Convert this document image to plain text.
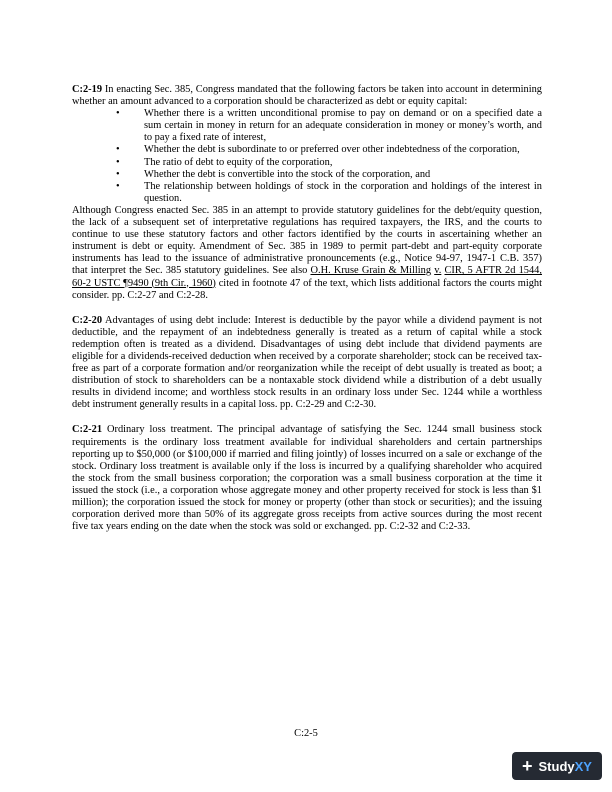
C:2-19 In enacting Sec. 385, Congress mandated that the following factors be taken into account in determining whether an amount advanced to a corporation should be characterized as debt or equity capital:

• Whether there is a written unconditional promise to pay on demand or on a specified date a sum certain in money in return for an adequate consideration in money or money’s worth, and to pay a fixed rate of interest,
• Whether the debt is subordinate to or preferred over other indebtedness of the corporation,
• The ratio of debt to equity of the corporation,
• Whether the debt is convertible into the stock of the corporation, and
• The relationship between holdings of stock in the corporation and holdings of the interest in question.

Although Congress enacted Sec. 385 in an attempt to provide statutory guidelines for the debt/equity question, the lack of a subsequent set of interpretative regulations has required taxpayers, the IRS, and the courts to continue to use these statutory factors and other factors identified by the courts in ascertaining whether an instrument is debt or equity. Amendment of Sec. 385 in 1989 to permit part-debt and part-equity corporate instruments has lead to the issuance of administrative pronouncements (e.g., Notice 94-97, 1947-1 C.B. 357) that interpret the Sec. 385 statutory guidelines. See also O.H. Kruse Grain & Milling v. CIR, 5 AFTR 2d 1544, 60-2 USTC ¶9490 (9th Cir., 1960) cited in footnote 47 of the text, which lists additional factors the courts might consider. pp. C:2-27 and C:2-28.

C:2-20 Advantages of using debt include: Interest is deductible by the payor while a dividend payment is not deductible, and the repayment of an indebtedness generally is treated as a return of capital while a stock redemption often is treated as a dividend. Disadvantages of using debt include that dividend payments are eligible for a dividends-received deduction when received by a corporate shareholder; stock can be received tax-free as part of a corporate formation and/or reorganization while the receipt of debt usually is treated as boot; a distribution of stock to shareholders can be a nontaxable stock dividend while a distribution of a debt usually results in dividend income; and worthless stock results in an ordinary loss under Sec. 1244 while a worthless debt instrument generally results in a capital loss. pp. C:2-29 and C:2-30.

C:2-21 Ordinary loss treatment. The principal advantage of satisfying the Sec. 1244 small business stock requirements is the ordinary loss treatment available for individual shareholders and certain partnerships reporting up to $50,000 (or $100,000 if married and filing jointly) of losses incurred on a sale or exchange of the stock. Ordinary loss treatment is available only if the loss is incurred by a qualifying shareholder who acquired the stock from the small business corporation; the corporation was a small business corporation at the time it issued the stock (i.e., a corporation whose aggregate money and other property received for stock is less than $1 million); the corporation issued the stock for money or property (other than stock or securities); and the issuing corporation derived more than 50% of its aggregate gross receipts from active sources during the most recent five tax years ending on the date when the stock was sold or exchanged. pp. C:2-32 and C:2-33.

C:2-5
+ StudyXY
